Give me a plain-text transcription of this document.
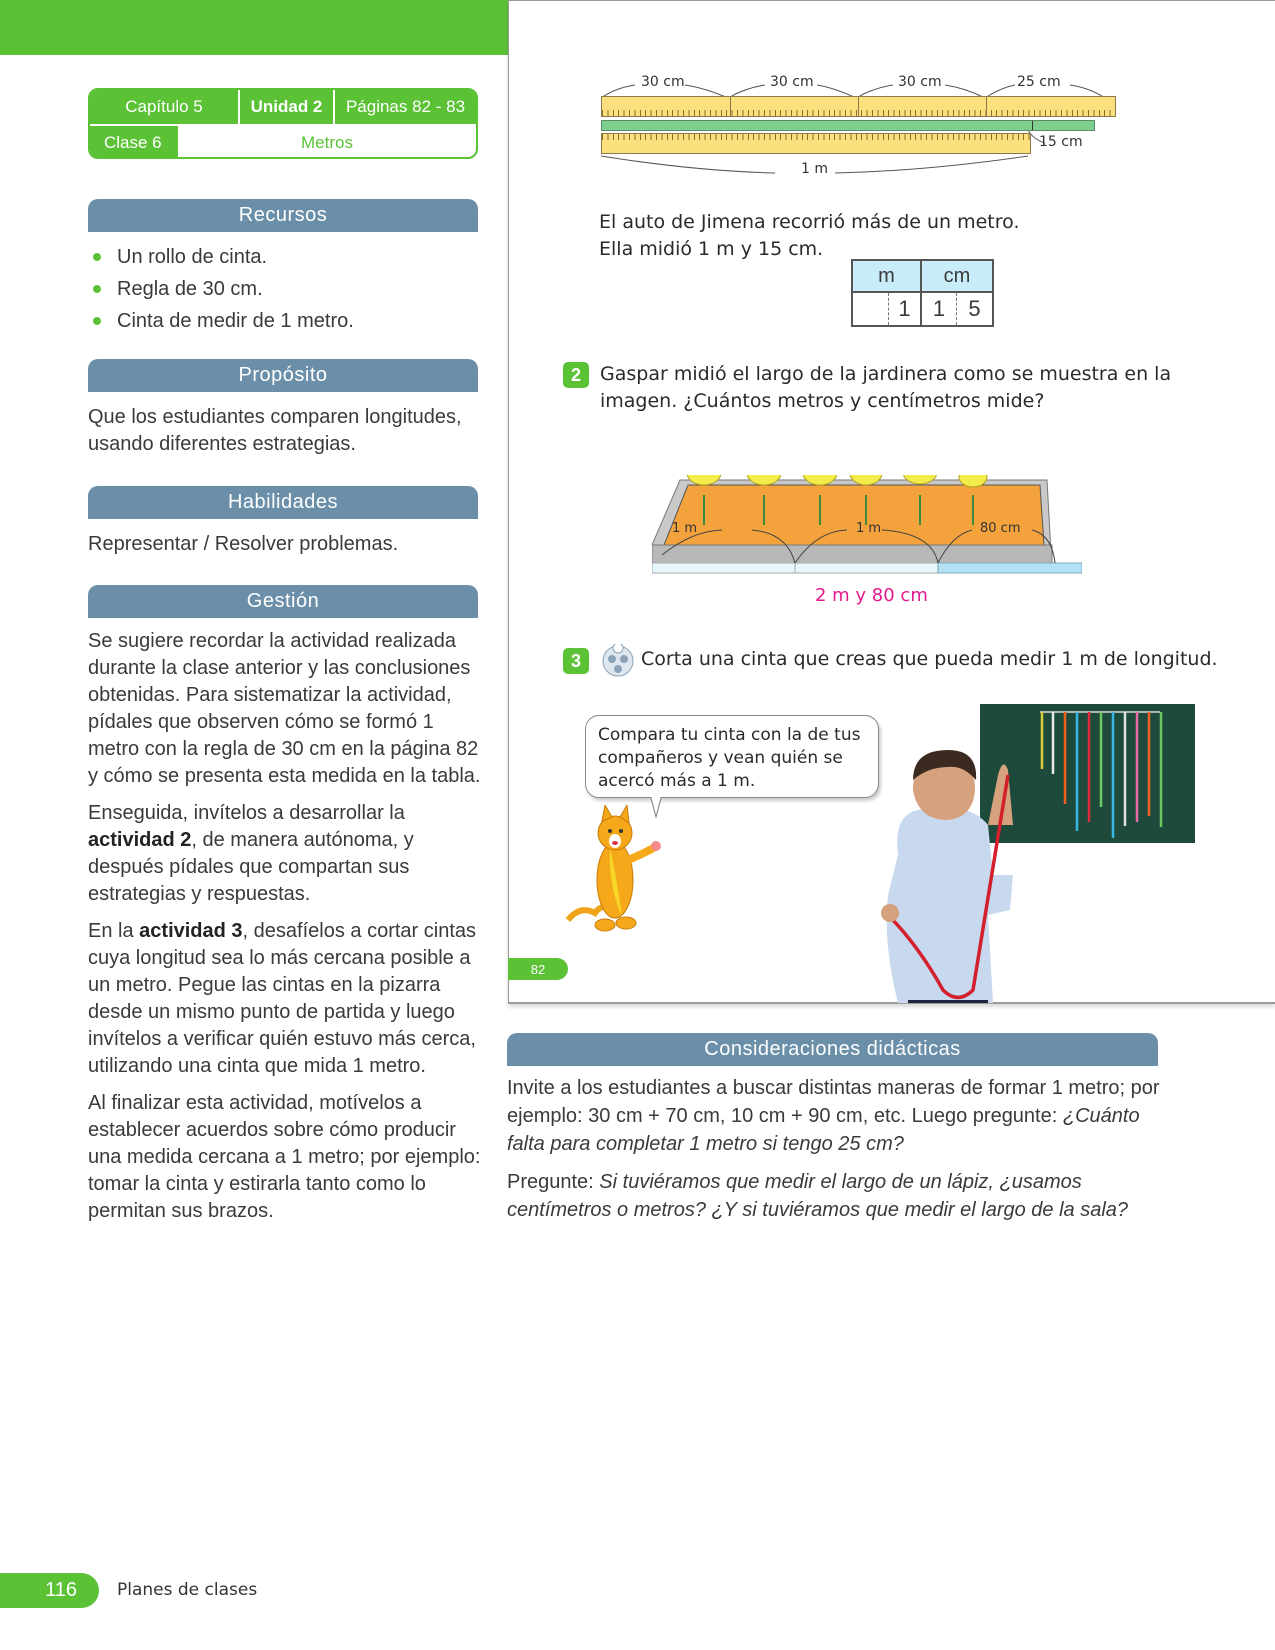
Capítulo 5	Unidad 2	Páginas 82 - 83
Clase 6	Metros
Recursos
Un rollo de cinta.
Regla de 30 cm.
Cinta de medir de 1 metro.
Propósito

Que los estudiantes comparen longitudes, usando diferentes estrategias.

Habilidades

Representar / Resolver problemas.

Gestión

Se sugiere recordar la actividad realizada durante la clase anterior y las conclusiones obtenidas. Para sistematizar la actividad, pídales que observen cómo se formó 1 metro con la regla de 30 cm en la página 82 y cómo se presenta esta medida en la tabla.

Enseguida, invítelos a desarrollar la actividad 2, de manera autónoma, y después pídales que compartan sus estrategias y respuestas.

En la actividad 3, desafíelos a cortar cintas cuya longitud sea lo más cercana posible a un metro. Pegue las cintas en la pizarra desde un mismo punto de partida y luego invítelos a verificar quién estuvo más cerca, utilizando una cinta que mida 1 metro.

Al finalizar esta actividad, motívelos a establecer acuerdos sobre cómo producir una medida cercana a 1 metro; por ejemplo: tomar la cinta y estirarla tanto como lo permitan sus brazos.

30 cm	30 cm	30 cm	25 cm
15 cm
1 m
El auto de Jimena recorrió más de un metro.
Ella midió 1 m y 15 cm.
m	cm
1	1	5
2	Gaspar midió el largo de la jardinera como se muestra en la
imagen. ¿Cuántos metros y centímetros mide?
1 m	1 m	80 cm
2 m y 80 cm
3	Corta una cinta que creas que pueda medir 1 m de longitud.
Compara tu cinta con la de tus
compañeros y vean quién se
acercó más a 1 m.
82
Consideraciones didácticas

Invite a los estudiantes a buscar distintas maneras de formar 1 metro; por ejemplo: 30 cm + 70 cm, 10 cm + 90 cm, etc. Luego pregunte: ¿Cuánto falta para completar 1 metro si tengo 25 cm?

Pregunte: Si tuviéramos que medir el largo de un lápiz, ¿usamos centímetros o metros? ¿Y si tuviéramos que medir el largo de la sala?

116	Planes de clases
